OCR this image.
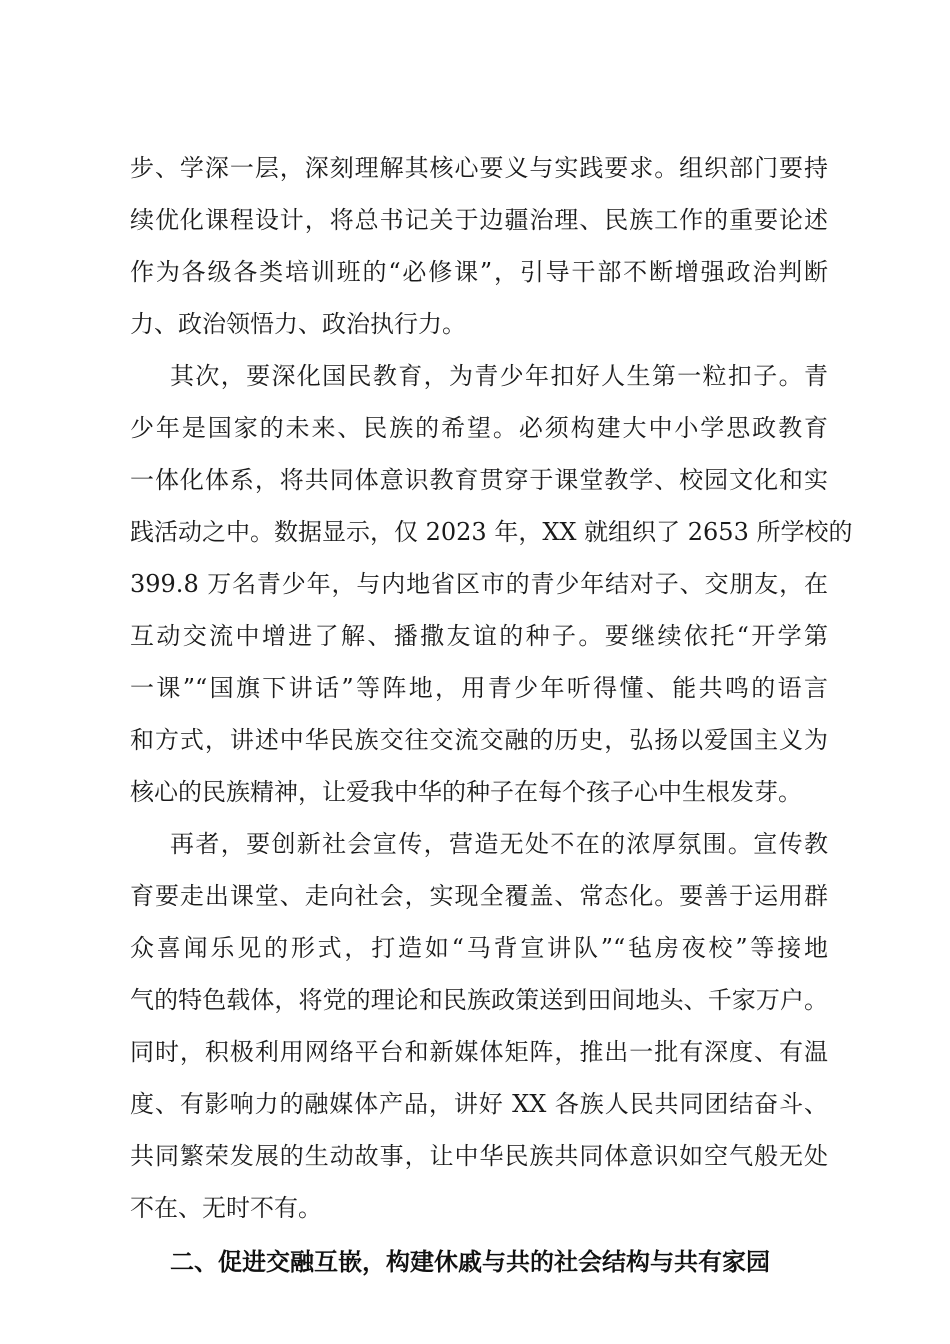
步、学深一层，深刻理解其核心要义与实践要求。组织部门要持
续优化课程设计，将总书记关于边疆治理、民族工作的重要论述
作为各级各类培训班的“必修课”，引导干部不断增强政治判断
力、政治领悟力、政治执行力。
其次，要深化国民教育，为青少年扣好人生第一粒扣子。青
少年是国家的未来、民族的希望。必须构建大中小学思政教育
一体化体系，将共同体意识教育贯穿于课堂教学、校园文化和实
践活动之中。数据显示，仅 2023 年，XX 就组织了 2653 所学校的
399.8 万名青少年，与内地省区市的青少年结对子、交朋友，在
互动交流中增进了解、播撒友谊的种子。要继续依托“开学第
一课”“国旗下讲话”等阵地，用青少年听得懂、能共鸣的语言
和方式，讲述中华民族交往交流交融的历史，弘扬以爱国主义为
核心的民族精神，让爱我中华的种子在每个孩子心中生根发芽。
再者，要创新社会宣传，营造无处不在的浓厚氛围。宣传教
育要走出课堂、走向社会，实现全覆盖、常态化。要善于运用群
众喜闻乐见的形式，打造如“马背宣讲队”“毡房夜校”等接地
气的特色载体，将党的理论和民族政策送到田间地头、千家万户。
同时，积极利用网络平台和新媒体矩阵，推出一批有深度、有温
度、有影响力的融媒体产品，讲好 XX 各族人民共同团结奋斗、
共同繁荣发展的生动故事，让中华民族共同体意识如空气般无处
不在、无时不有。
二、促进交融互嵌，构建休戚与共的社会结构与共有家园
